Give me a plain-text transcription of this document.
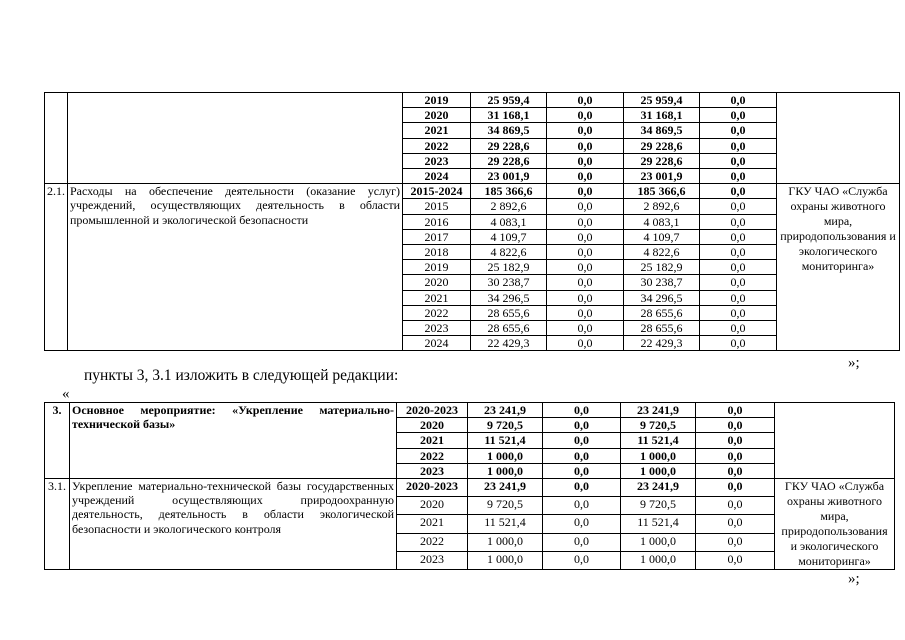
		2019	25 959,4	0,0	25 959,4	0,0	
		2020	31 168,1	0,0	31 168,1	0,0	
		2021	34 869,5	0,0	34 869,5	0,0	
		2022	29 228,6	0,0	29 228,6	0,0	
		2023	29 228,6	0,0	29 228,6	0,0	
		2024	23 001,9	0,0	23 001,9	0,0	
2.1.	Расходы на обеспечение деятельности (оказание услуг) учреждений, осуществляющих деятельность в области промышленной и экологической безопасности	2015-2024	185 366,6	0,0	185 366,6	0,0	ГКУ ЧАО «Служба охраны животного мира, природопользования и экологического мониторинга»
		2015	2 892,6	0,0	2 892,6	0,0	
		2016	4 083,1	0,0	4 083,1	0,0	
		2017	4 109,7	0,0	4 109,7	0,0	
		2018	4 822,6	0,0	4 822,6	0,0	
		2019	25 182,9	0,0	25 182,9	0,0	
		2020	30 238,7	0,0	30 238,7	0,0	
		2021	34 296,5	0,0	34 296,5	0,0	
		2022	28 655,6	0,0	28 655,6	0,0	
		2023	28 655,6	0,0	28 655,6	0,0	
		2024	22 429,3	0,0	22 429,3	0,0	
»;
пункты 3, 3.1 изложить в следующей редакции:
«
3.	Основное мероприятие: «Укрепление материально-технической базы»	2020-2023	23 241,9	0,0	23 241,9	0,0	
		2020	9 720,5	0,0	9 720,5	0,0	
		2021	11 521,4	0,0	11 521,4	0,0	
		2022	1 000,0	0,0	1 000,0	0,0	
		2023	1 000,0	0,0	1 000,0	0,0	
3.1.	Укрепление материально-технической базы государственных учреждений осуществляющих природоохранную деятельность, деятельность в области экологической безопасности и экологического контроля	2020-2023	23 241,9	0,0	23 241,9	0,0	ГКУ ЧАО «Служба охраны животного мира, природопользования и экологического мониторинга»
		2020	9 720,5	0,0	9 720,5	0,0	
		2021	11 521,4	0,0	11 521,4	0,0	
		2022	1 000,0	0,0	1 000,0	0,0	
		2023	1 000,0	0,0	1 000,0	0,0	
»;
